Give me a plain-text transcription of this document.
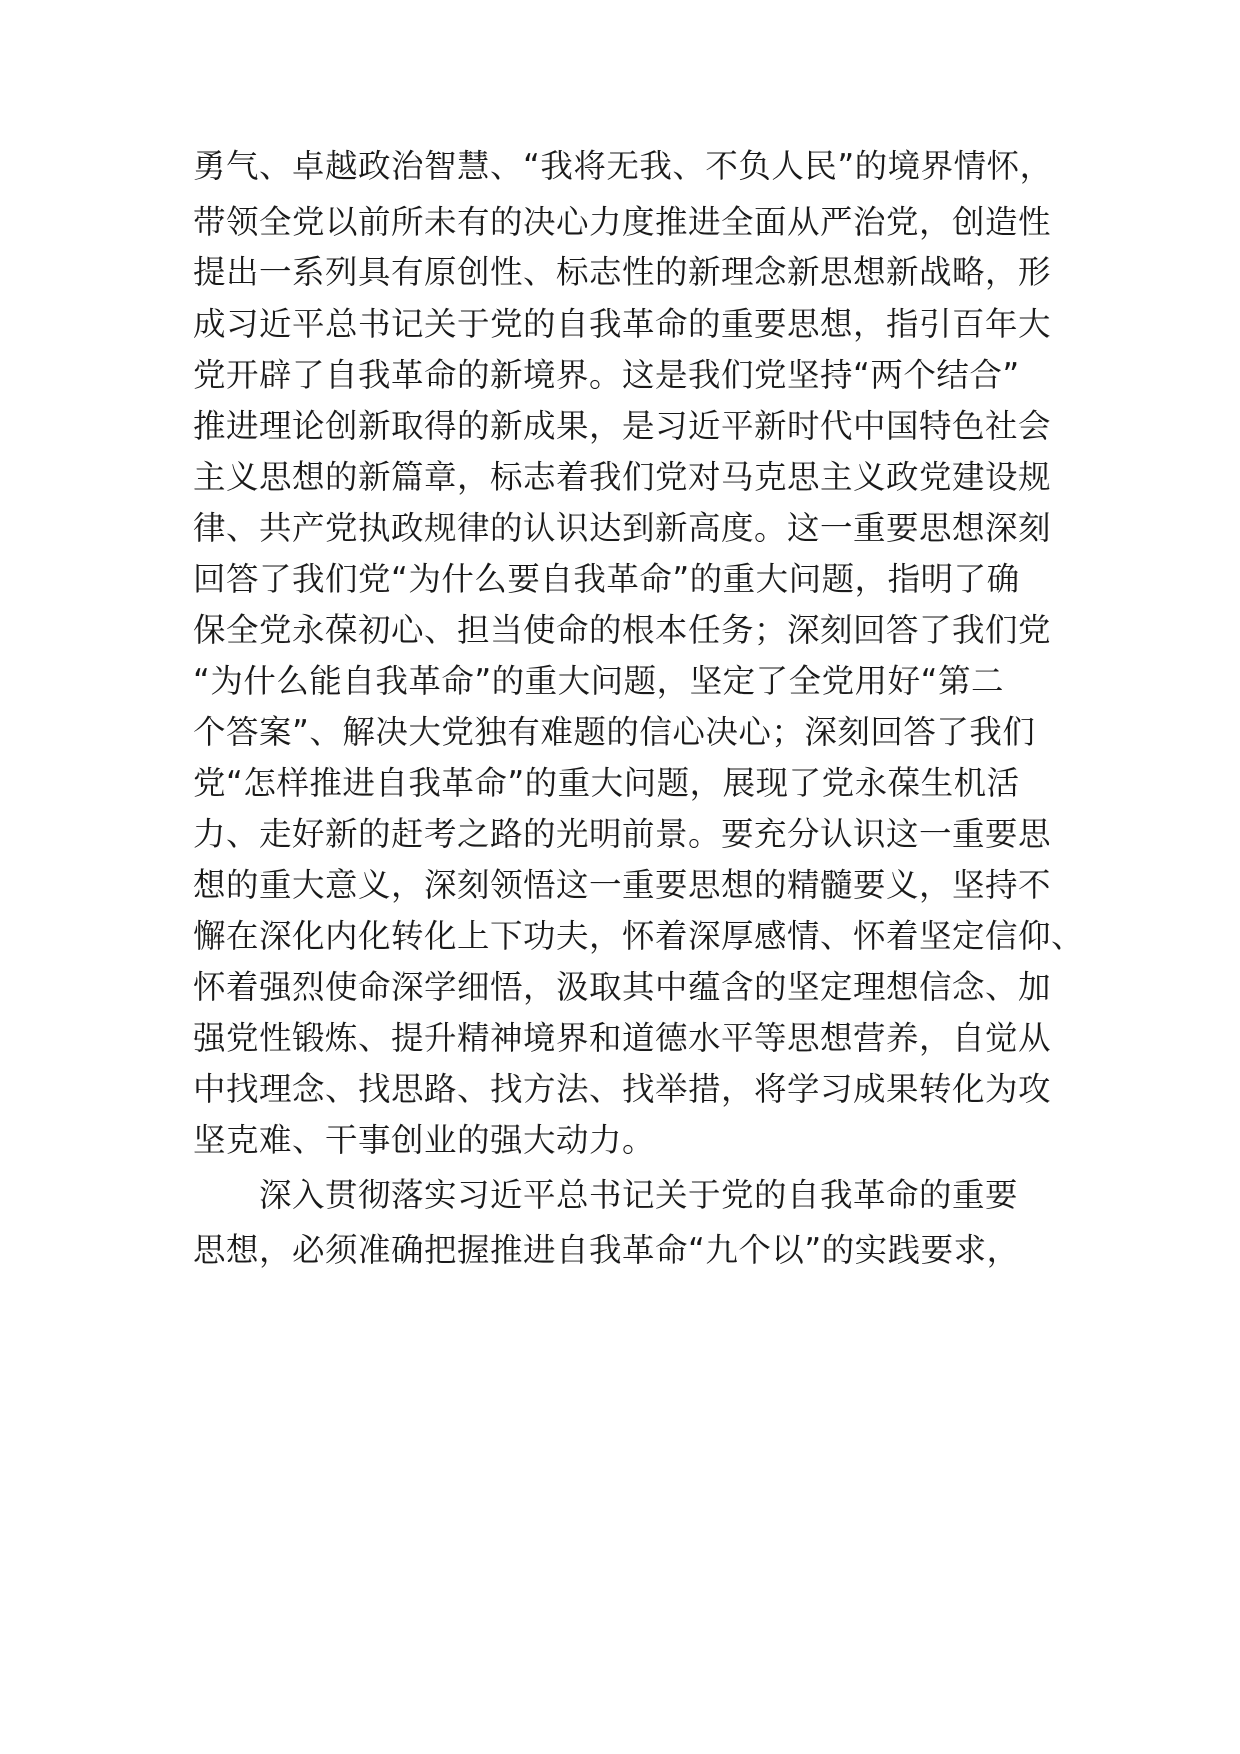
勇气、卓越政治智慧、“我将无我、不负人民”的境界情怀，
带领全党以前所未有的决心力度推进全面从严治党，创造性
提出一系列具有原创性、标志性的新理念新思想新战略，形
成习近平总书记关于党的自我革命的重要思想，指引百年大
党开辟了自我革命的新境界。这是我们党坚持“两个结合”
推进理论创新取得的新成果，是习近平新时代中国特色社会
主义思想的新篇章，标志着我们党对马克思主义政党建设规
律、共产党执政规律的认识达到新高度。这一重要思想深刻
回答了我们党“为什么要自我革命”的重大问题，指明了确
保全党永葆初心、担当使命的根本任务；深刻回答了我们党
“为什么能自我革命”的重大问题，坚定了全党用好“第二
个答案”、解决大党独有难题的信心决心；深刻回答了我们
党“怎样推进自我革命”的重大问题，展现了党永葆生机活
力、走好新的赶考之路的光明前景。要充分认识这一重要思
想的重大意义，深刻领悟这一重要思想的精髓要义，坚持不
懈在深化内化转化上下功夫，怀着深厚感情、怀着坚定信仰、
怀着强烈使命深学细悟，汲取其中蕴含的坚定理想信念、加
强党性锻炼、提升精神境界和道德水平等思想营养，自觉从
中找理念、找思路、找方法、找举措，将学习成果转化为攻
坚克难、干事创业的强大动力。
　　深入贯彻落实习近平总书记关于党的自我革命的重要
思想，必须准确把握推进自我革命“九个以”的实践要求，
